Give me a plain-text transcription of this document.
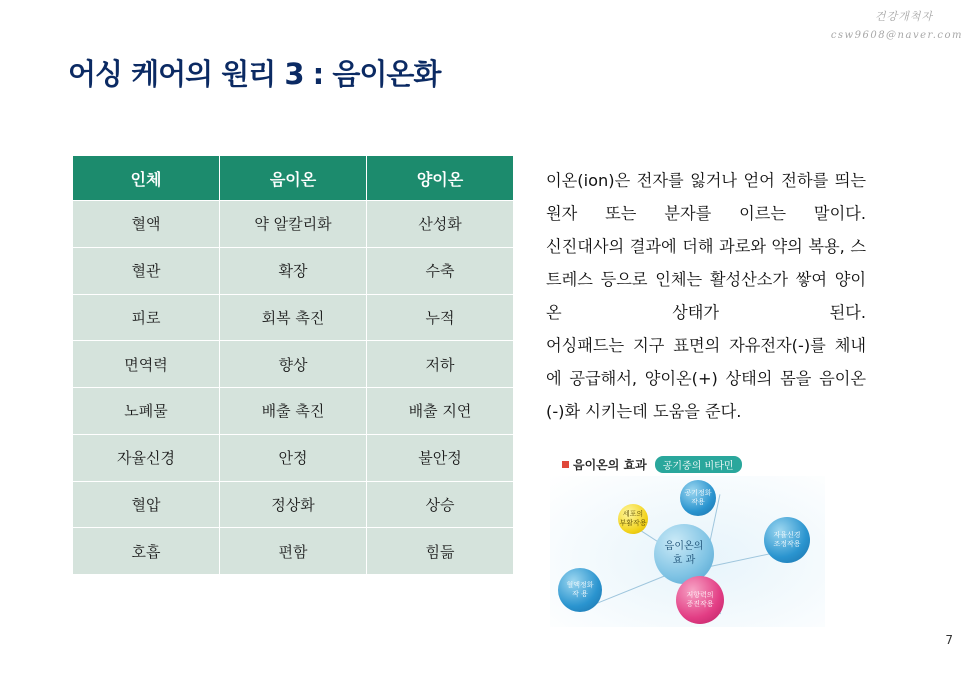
건강개척자
csw9608@naver.com
어싱 케어의 원리 3 : 음이온화
인체	음이온	양이온
혈액	약 알칼리화	산성화
혈관	확장	수축
피로	회복 촉진	누적
면역력	향상	저하
노폐물	배출 촉진	배출 지연
자율신경	안정	불안정
혈압	정상화	상승
호흡	편함	힘듦

이온(ion)은 전자를 잃거나 얻어 전하를 띄는 원자 또는 분자를 이르는 말이다.

신진대사의 결과에 더해 과로와 약의 복용, 스트레스 등으로 인체는 활성산소가 쌓여 양이온 상태가 된다.

어싱패드는 지구 표면의 자유전자(-)를 체내에 공급해서, 양이온(+) 상태의 몸을 음이온(-)화 시키는데 도움을 준다.

음이온의 효과	공기중의 비타민
공기정화
작용
자율신경
조정작용
세포의
부활작용
음이온의
효 과
혈액정화
작 용	저항력의
증진작용
7
